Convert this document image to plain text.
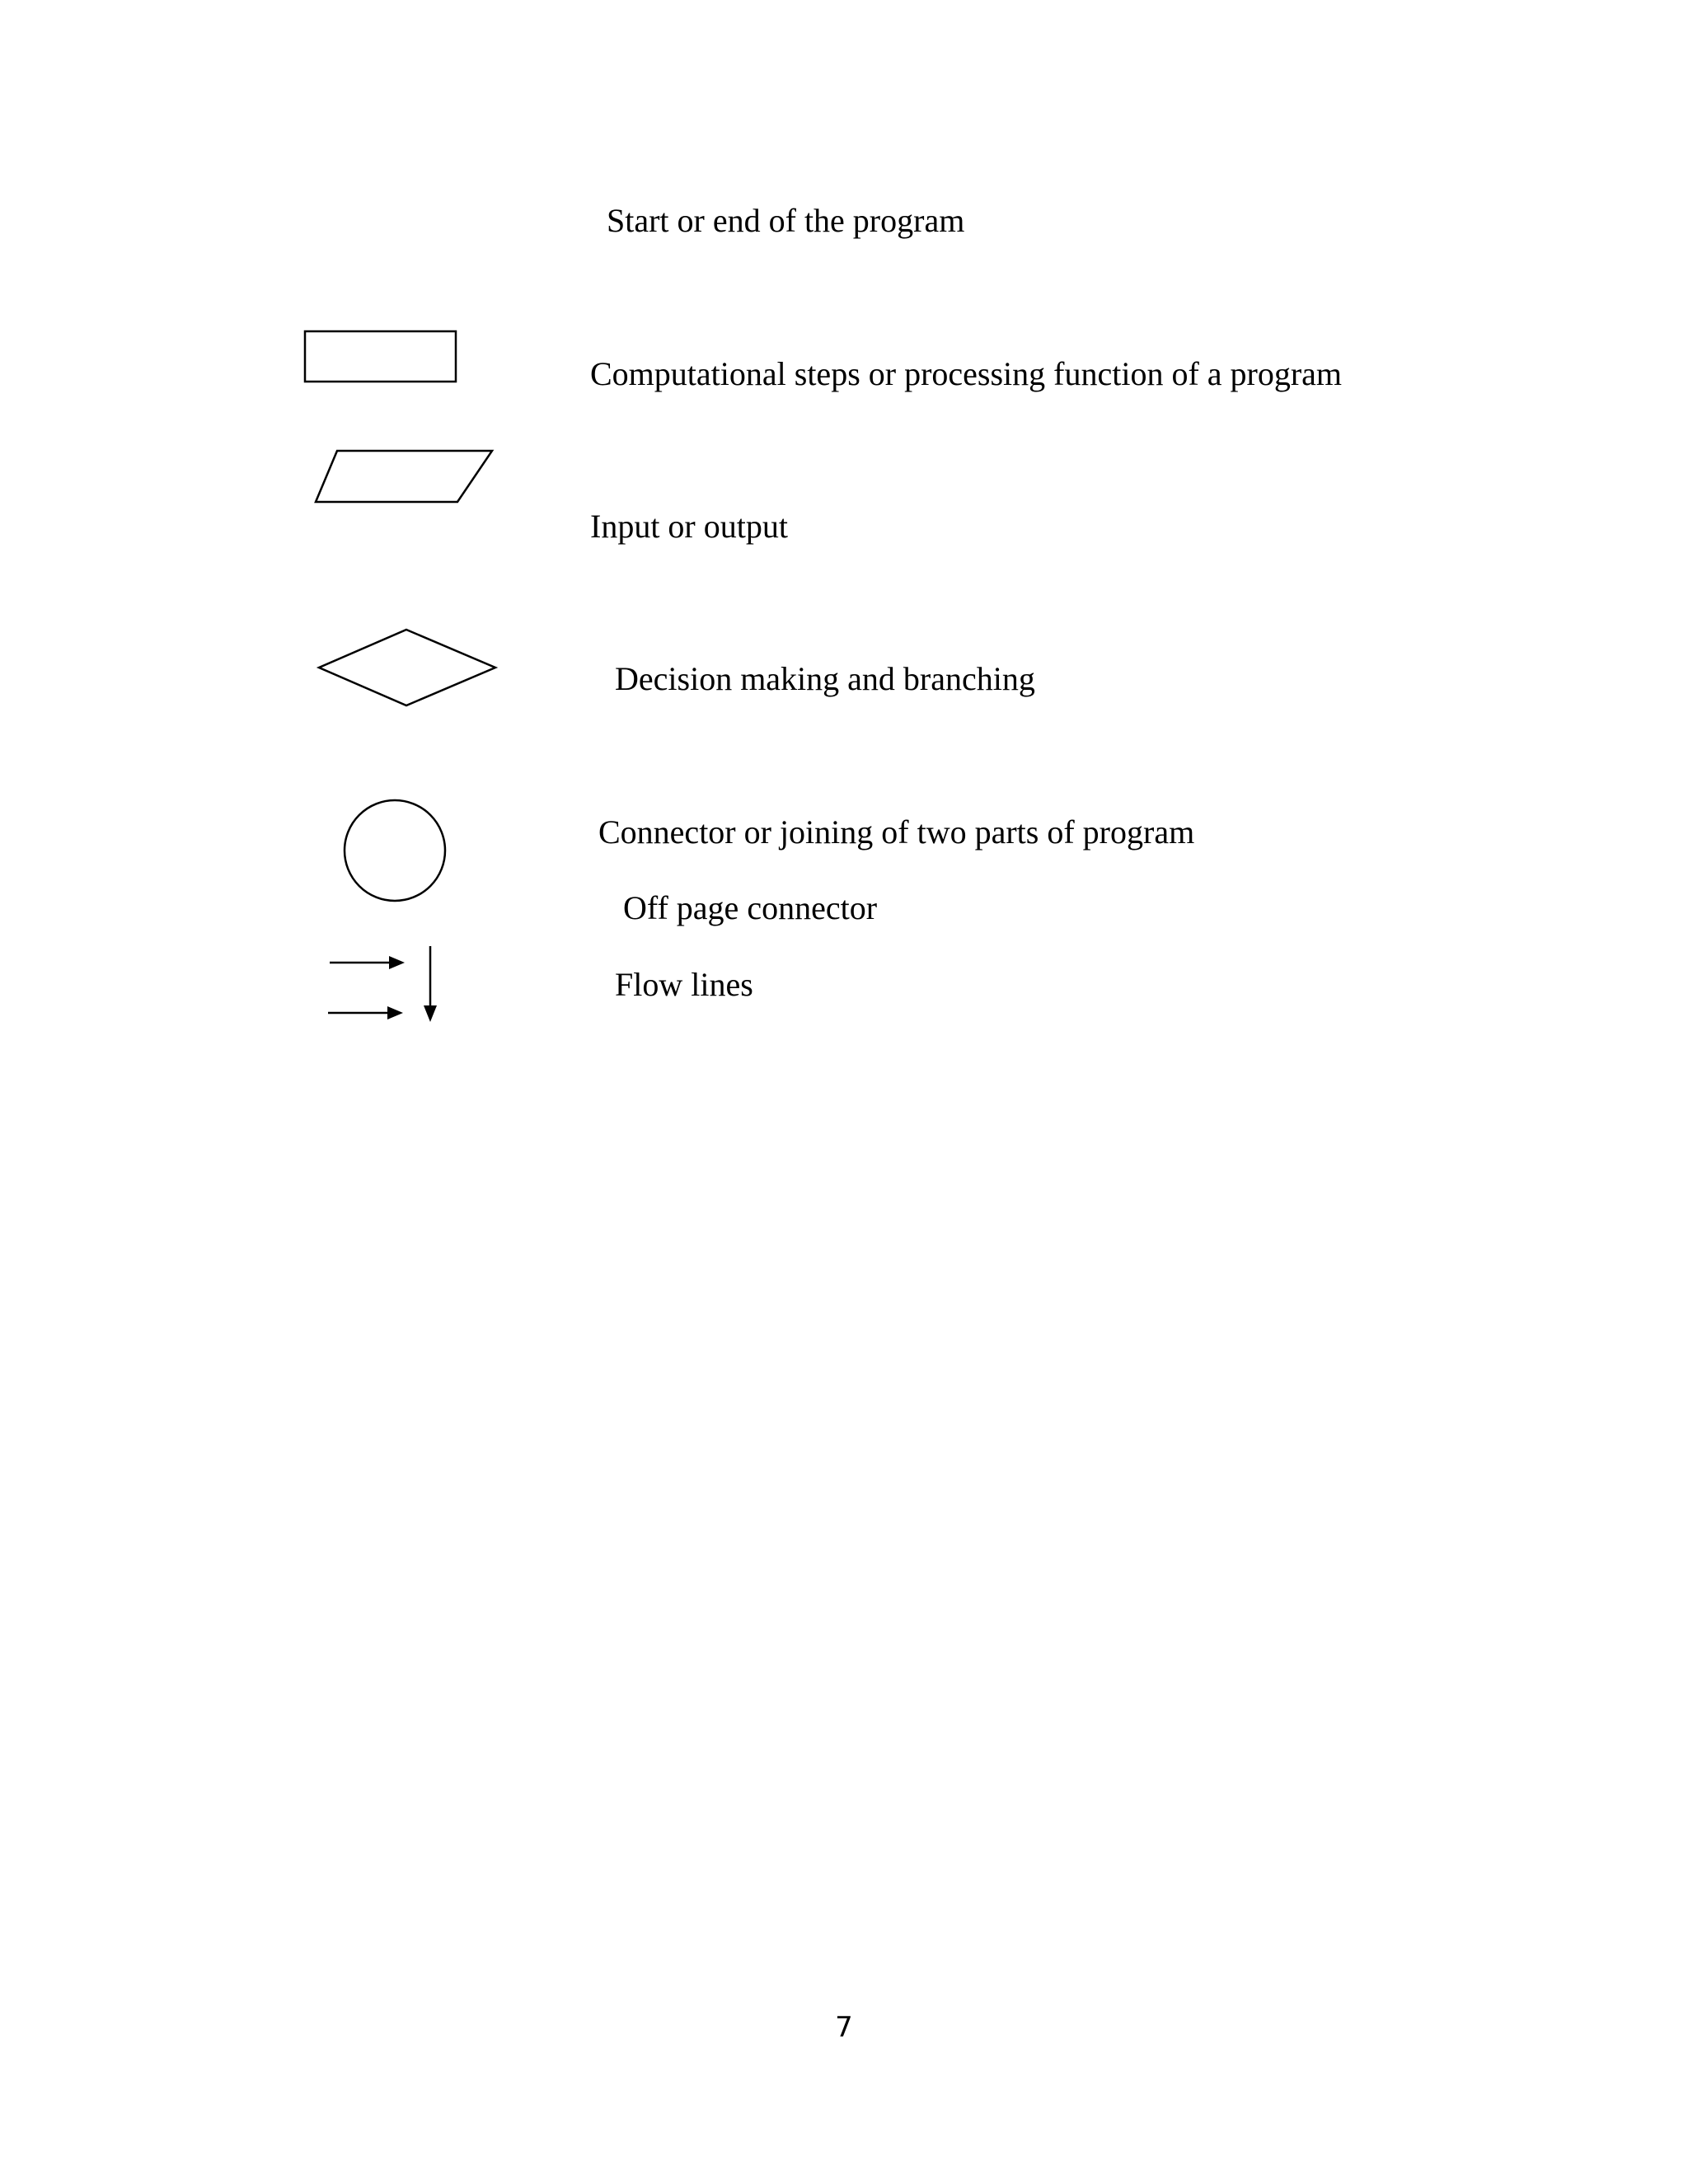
Start or end of the program
Computational steps or processing function of a program
Input or output
Decision making and branching
Connector or joining of two parts of program
Off page connector
Flow lines
7
